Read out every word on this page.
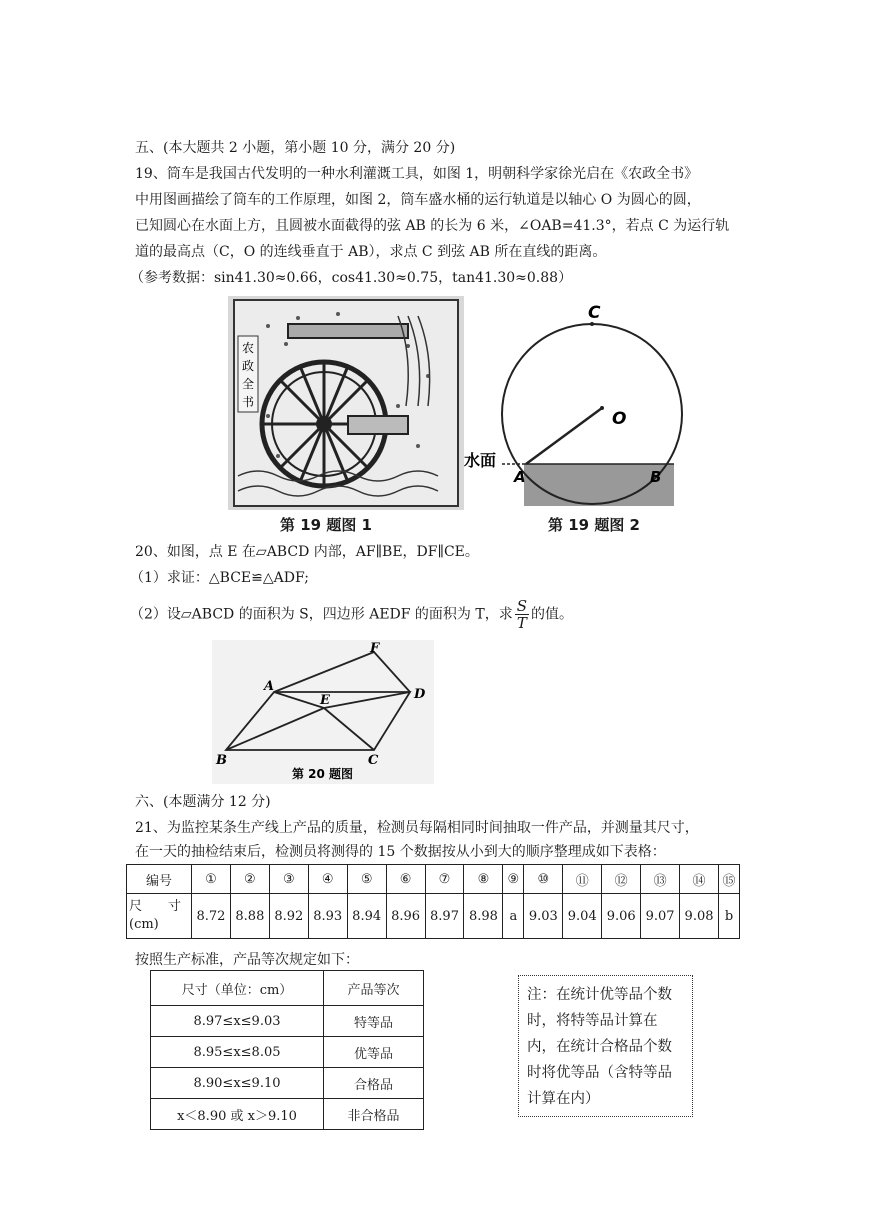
五、(本大题共 2 小题，第小题 10 分，满分 20 分)
19、筒车是我国古代发明的一种水利灌溉工具，如图 1，明朝科学家徐光启在《农政全书》
中用图画描绘了筒车的工作原理，如图 2，筒车盛水桶的运行轨道是以轴心 O 为圆心的圆，
已知圆心在水面上方，且圆被水面截得的弦 AB 的长为 6 米，∠OAB=41.3°，若点 C 为运行轨
道的最高点（C，O 的连线垂直于 AB），求点 C 到弦 AB 所在直线的距离。
（参考数据：sin41.30≈0.66，cos41.30≈0.75，tan41.30≈0.88）
农
政
全
书
第 19 题图 1
C
O
A	B
水面
第 19 题图 2
20、如图，点 E 在▱ABCD 内部，AF∥BE，DF∥CE。
（1）求证：△BCE≌△ADF;
（2）设▱ABCD 的面积为 S，四边形 AEDF 的面积为 T，求 $\frac{S}{T}$ 的值。
A
B	C
D
E
F
第 20 题图
六、(本题满分 12 分)
21、为监控某条生产线上产品的质量，检测员每隔相同时间抽取一件产品，并测量其尺寸，
在一天的抽检结束后，检测员将测得的 15 个数据按从小到大的顺序整理成如下表格：
编号	①	②	③	④	⑤	⑥	⑦	⑧	⑨	⑩	⑪	⑫	⑬	⑭	⑮

尺　　寸
(cm)	8.72	8.88	8.92	8.93	8.94	8.96	8.97	8.98	a	9.03	9.04	9.06	9.07	9.08	b
按照生产标准，产品等次规定如下：
尺寸（单位：cm）	产品等次
8.97≤x≤9.03	特等品
8.95≤x≤8.05	优等品
8.90≤x≤9.10	合格品
x＜8.90 或 x＞9.10	非合格品
注：在统计优等品个数时，将特等品计算在内，在统计合格品个数时将优等品（含特等品计算在内）
